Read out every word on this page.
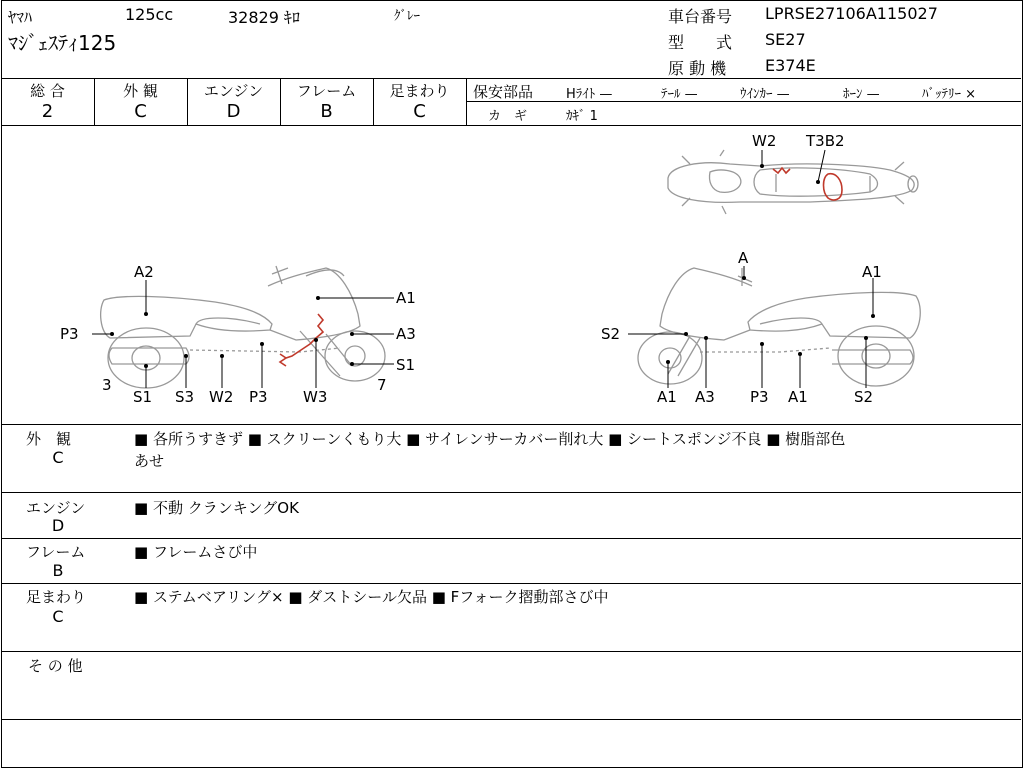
ﾔﾏﾊ	125cc	32829 ｷﾛ	ｸﾞﾚｰ
ﾏｼﾞｪｽﾃｨ125
車台番号 LPRSE27106A115027
型　　式 SE27
原 動 機 E374E
総 合
2
外 観
C
エンジン
D
フレーム
B
足まわり
C
保安部品	Hﾗｲﾄ —	ﾃｰﾙ —	ｳｲﾝｶｰ —	ﾎｰﾝ —	ﾊﾞｯﾃﾘｰ ×
カ　ギ	ｶｷﾞ 1
W2 T3B2
A2
A1
P3	A3
S1
3	7
S1 S3 W2 P3 W3
A
A1
S2
A1 A3 P3 A1	S2
外　観
C
■ 各所うすきず ■ スクリーンくもり大 ■ サイレンサーカバー削れ大 ■ シートスポンジ不良 ■ 樹脂部色
あせ
エンジン
D
■ 不動 クランキングOK
フレーム
B
■ フレームさび中
足まわり
C
■ ステムベアリング× ■ ダストシール欠品 ■ Fフォーク摺動部さび中
そ の 他
